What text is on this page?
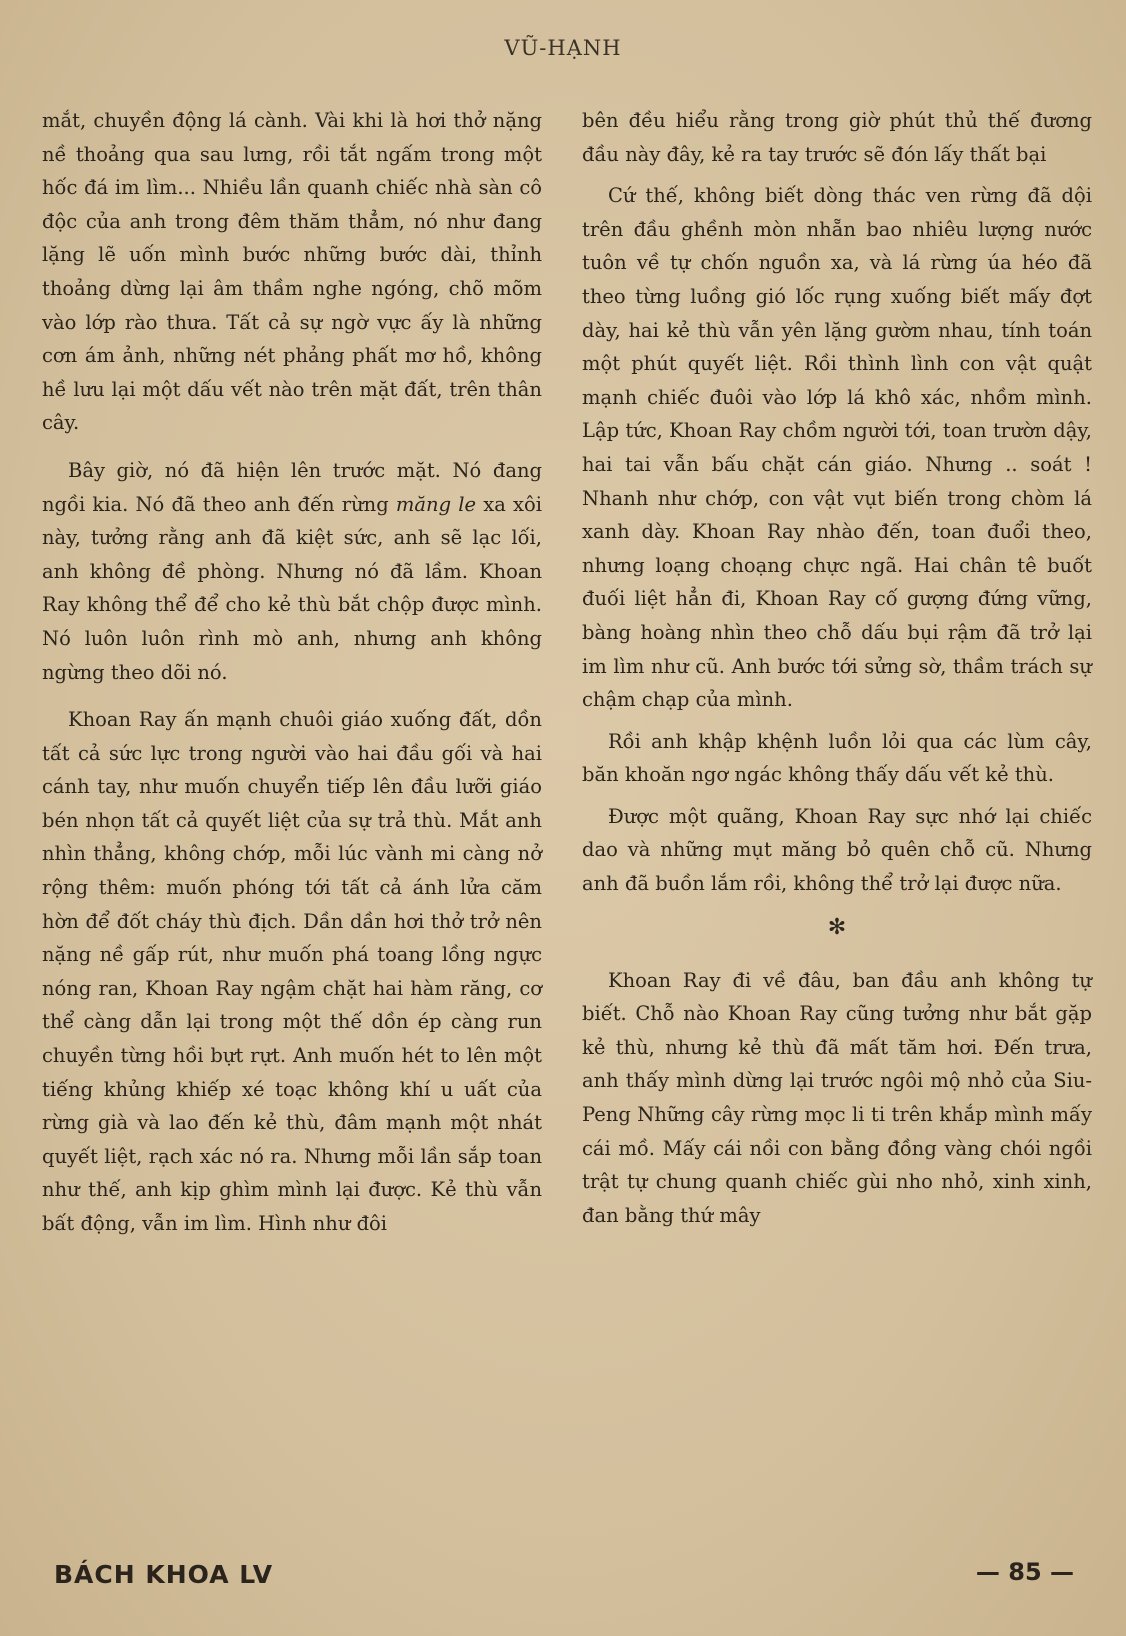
VŨ-HẠNH

mắt, chuyền động lá cành. Vài khi là hơi thở nặng nề thoảng qua sau lưng, rồi tắt ngấm trong một hốc đá im lìm... Nhiều lần quanh chiếc nhà sàn cô độc của anh trong đêm thăm thẳm, nó như đang lặng lẽ uốn mình bước những bước dài, thỉnh thoảng dừng lại âm thầm nghe ngóng, chõ mõm vào lớp rào thưa. Tất cả sự ngờ vực ấy là những cơn ám ảnh, những nét phảng phất mơ hồ, không hề lưu lại một dấu vết nào trên mặt đất, trên thân cây.

Bây giờ, nó đã hiện lên trước mặt. Nó đang ngồi kia. Nó đã theo anh đến rừng măng le xa xôi này, tưởng rằng anh đã kiệt sức, anh sẽ lạc lối, anh không đề phòng. Nhưng nó đã lầm. Khoan Ray không thể để cho kẻ thù bắt chộp được mình. Nó luôn luôn rình mò anh, nhưng anh không ngừng theo dõi nó.

Khoan Ray ấn mạnh chuôi giáo xuống đất, dồn tất cả sức lực trong người vào hai đầu gối và hai cánh tay, như muốn chuyển tiếp lên đầu lưỡi giáo bén nhọn tất cả quyết liệt của sự trả thù. Mắt anh nhìn thẳng, không chớp, mỗi lúc vành mi càng nở rộng thêm: muốn phóng tới tất cả ánh lửa căm hờn để đốt cháy thù địch. Dần dần hơi thở trở nên nặng nề gấp rút, như muốn phá toang lồng ngực nóng ran, Khoan Ray ngậm chặt hai hàm răng, cơ thể càng dẫn lại trong một thế dồn ép càng run chuyền từng hồi bựt rựt. Anh muốn hét to lên một tiếng khủng khiếp xé toạc không khí u uất của rừng già và lao đến kẻ thù, đâm mạnh một nhát quyết liệt, rạch xác nó ra. Nhưng mỗi lần sắp toan như thế, anh kịp ghìm mình lại được. Kẻ thù vẫn bất động, vẫn im lìm. Hình như đôi

bên đều hiểu rằng trong giờ phút thủ thế đương đầu này đây, kẻ ra tay trước sẽ đón lấy thất bại

Cứ thế, không biết dòng thác ven rừng đã dội trên đầu ghềnh mòn nhẵn bao nhiêu lượng nước tuôn về tự chốn nguồn xa, và lá rừng úa héo đã theo từng luồng gió lốc rụng xuống biết mấy đợt dày, hai kẻ thù vẫn yên lặng gườm nhau, tính toán một phút quyết liệt. Rồi thình lình con vật quật mạnh chiếc đuôi vào lớp lá khô xác, nhồm mình. Lập tức, Khoan Ray chồm người tới, toan trườn dậy, hai tai vẫn bấu chặt cán giáo. Nhưng .. soát ! Nhanh như chớp, con vật vụt biến trong chòm lá xanh dày. Khoan Ray nhào đến, toan đuổi theo, nhưng loạng choạng chực ngã. Hai chân tê buốt đuối liệt hẳn đi, Khoan Ray cố gượng đứng vững, bàng hoàng nhìn theo chỗ dấu bụi rậm đã trở lại im lìm như cũ. Anh bước tới sửng sờ, thầm trách sự chậm chạp của mình.

Rồi anh khập khệnh luồn lỏi qua các lùm cây, băn khoăn ngơ ngác không thấy dấu vết kẻ thù.

Được một quãng, Khoan Ray sực nhớ lại chiếc dao và những mụt măng bỏ quên chỗ cũ. Nhưng anh đã buồn lắm rồi, không thể trở lại được nữa.

✻

Khoan Ray đi về đâu, ban đầu anh không tự biết. Chỗ nào Khoan Ray cũng tưởng như bắt gặp kẻ thù, nhưng kẻ thù đã mất tăm hơi. Đến trưa, anh thấy mình dừng lại trước ngôi mộ nhỏ của Siu-Peng Những cây rừng mọc li ti trên khắp mình mấy cái mồ. Mấy cái nồi con bằng đồng vàng chói ngồi trật tự chung quanh chiếc gùi nho nhỏ, xinh xinh, đan bằng thứ mây

BÁCH KHOA LV	— 85 —
